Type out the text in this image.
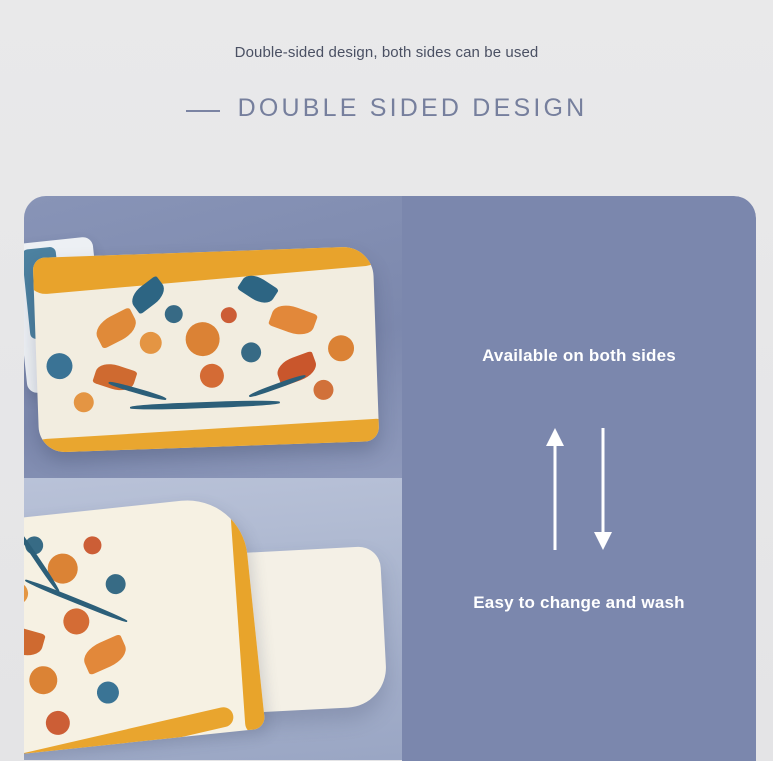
Double-sided design, both sides can be used
DOUBLE SIDED DESIGN
Available on both sides
Easy to change and wash
